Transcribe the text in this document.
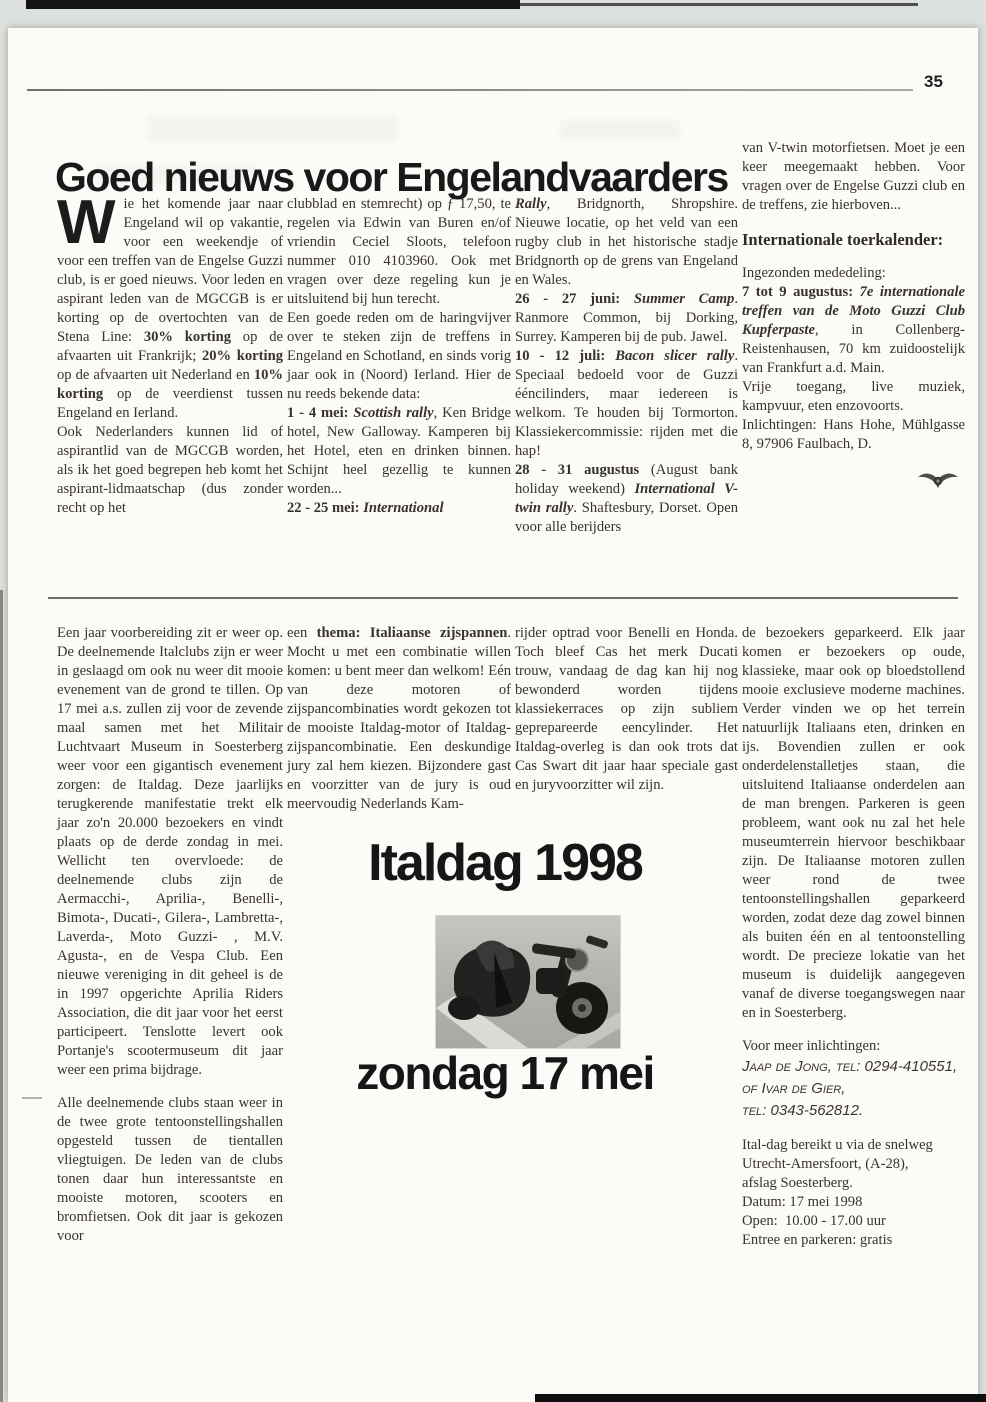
35
Goed nieuws voor Engelandvaarders

Wie het komende jaar naar Engeland wil op vakantie, voor een weekendje of voor een treffen van de Engelse Guzzi club, is er goed nieuws. Voor leden en aspirant leden van de MGCGB is er korting op de overtochten van de Stena Line: 30% korting op de afvaarten uit Frankrijk; 20% korting op de afvaarten uit Nederland en 10% korting op de veerdienst tussen Engeland en Ierland.

Ook Nederlanders kunnen lid of aspirantlid van de MGCGB worden, als ik het goed begrepen heb komt het aspirant-lidmaatschap (dus zonder recht op het

clubblad en stemrecht) op ƒ 17,50, te regelen via Edwin van Buren en/of vriendin Ceciel Sloots, telefoon nummer 010 4103960. Ook met vragen over deze regeling kun je uitsluitend bij hun terecht.

Een goede reden om de haringvijver over te steken zijn de treffens in Engeland en Schotland, en sinds vorig jaar ook in (Noord) Ierland. Hier de nu reeds bekende data:

1 - 4 mei: Scottish rally, Ken Bridge hotel, New Galloway. Kamperen bij het Hotel, eten en drinken binnen. Schijnt heel gezellig te kunnen worden...

22 - 25 mei: International

Rally, Bridgnorth, Shropshire. Nieuwe locatie, op het veld van een rugby club in het historische stadje Bridgnorth op de grens van Engeland en Wales.

26 - 27 juni: Summer Camp. Ranmore Common, bij Dorking, Surrey. Kamperen bij de pub. Jawel.

10 - 12 juli: Bacon slicer rally. Speciaal bedoeld voor de Guzzi ééncilinders, maar iedereen is welkom. Te houden bij Tormorton. Klassiekercommissie: rijden met die hap!

28 - 31 augustus (August bank holiday weekend) International V-twin rally. Shaftesbury, Dorset. Open voor alle berijders

van V-twin motorfietsen. Moet je een keer meegemaakt hebben. Voor vragen over de Engelse Guzzi club en de treffens, zie hierboven...

Internationale toerkalender:

Ingezonden mededeling:

7 tot 9 augustus: 7e internationale treffen van de Moto Guzzi Club Kupferpaste, in Collenberg-Reistenhausen, 70 km zuidoostelijk van Frankfurt a.d. Main.

Vrije toegang, live muziek, kampvuur, eten enzovoorts.

Inlichtingen: Hans Hohe, Mühlgasse 8, 97906 Faulbach, D.

Een jaar voorbereiding zit er weer op. De deelnemende Italclubs zijn er weer in geslaagd om ook nu weer dit mooie evenement van de grond te tillen. Op 17 mei a.s. zullen zij voor de zevende maal samen met het Militair Luchtvaart Museum in Soesterberg weer voor een gigantisch evenement zorgen: de Italdag. Deze jaarlijks terugkerende manifestatie trekt elk jaar zo'n 20.000 bezoekers en vindt plaats op de derde zondag in mei. Wellicht ten overvloede: de deelnemende clubs zijn de Aermacchi-, Aprilia-, Benelli-, Bimota-, Ducati-, Gilera-, Lambretta-, Laverda-, Moto Guzzi- , M.V. Agusta-, en de Vespa Club. Een nieuwe vereniging in dit geheel is de in 1997 opgerichte Aprilia Riders Association, die dit jaar voor het eerst participeert. Tenslotte levert ook Portanje's scootermuseum dit jaar weer een prima bijdrage.

Alle deelnemende clubs staan weer in de twee grote tentoonstellingshallen opgesteld tussen de tientallen vliegtuigen. De leden van de clubs tonen daar hun interessantste en mooiste motoren, scooters en bromfietsen. Ook dit jaar is gekozen voor

een thema: Italiaanse zijspannen. Mocht u met een combinatie willen komen: u bent meer dan welkom! Eén van deze motoren of zijspancombinaties wordt gekozen tot de mooiste Italdag-motor of Italdag-zijspancombinatie. Een deskundige jury zal hem kiezen. Bijzondere gast en voorzitter van de jury is oud meervoudig Nederlands Kam-

rijder optrad voor Benelli en Honda. Toch bleef Cas het merk Ducati trouw, vandaag de dag kan hij nog bewonderd worden tijdens klassiekerraces op zijn subliem geprepareerde eencylinder. Het Italdag-overleg is dan ook trots dat Cas Swart dit jaar haar speciale gast en juryvoorzitter wil zijn.

de bezoekers geparkeerd. Elk jaar komen er bezoekers op oude, klassieke, maar ook op bloedstollend mooie exclusieve moderne machines. Verder vinden we op het terrein natuurlijk Italiaans eten, drinken en ijs. Bovendien zullen er ook onderdelenstalletjes staan, die uitsluitend Italiaanse onderdelen aan de man brengen. Parkeren is geen probleem, want ook nu zal het hele museumterrein hiervoor beschikbaar zijn. De Italiaanse motoren zullen weer rond de twee tentoonstellingshallen geparkeerd worden, zodat deze dag zowel binnen als buiten één en al tentoonstelling wordt. De precieze lokatie van het museum is duidelijk aangegeven vanaf de diverse toegangswegen naar en in Soesterberg.

Voor meer inlichtingen:

Jaap de Jong, tel: 0294-410551,

of Ivar de Gier,

tel: 0343-562812.

Ital-dag bereikt u via de snelweg Utrecht-Amersfoort, (A-28),

afslag Soesterberg.

Datum: 17 mei 1998

Open:  10.00 - 17.00 uur

Entree en parkeren: gratis

Italdag 1998
zondag 17 mei
